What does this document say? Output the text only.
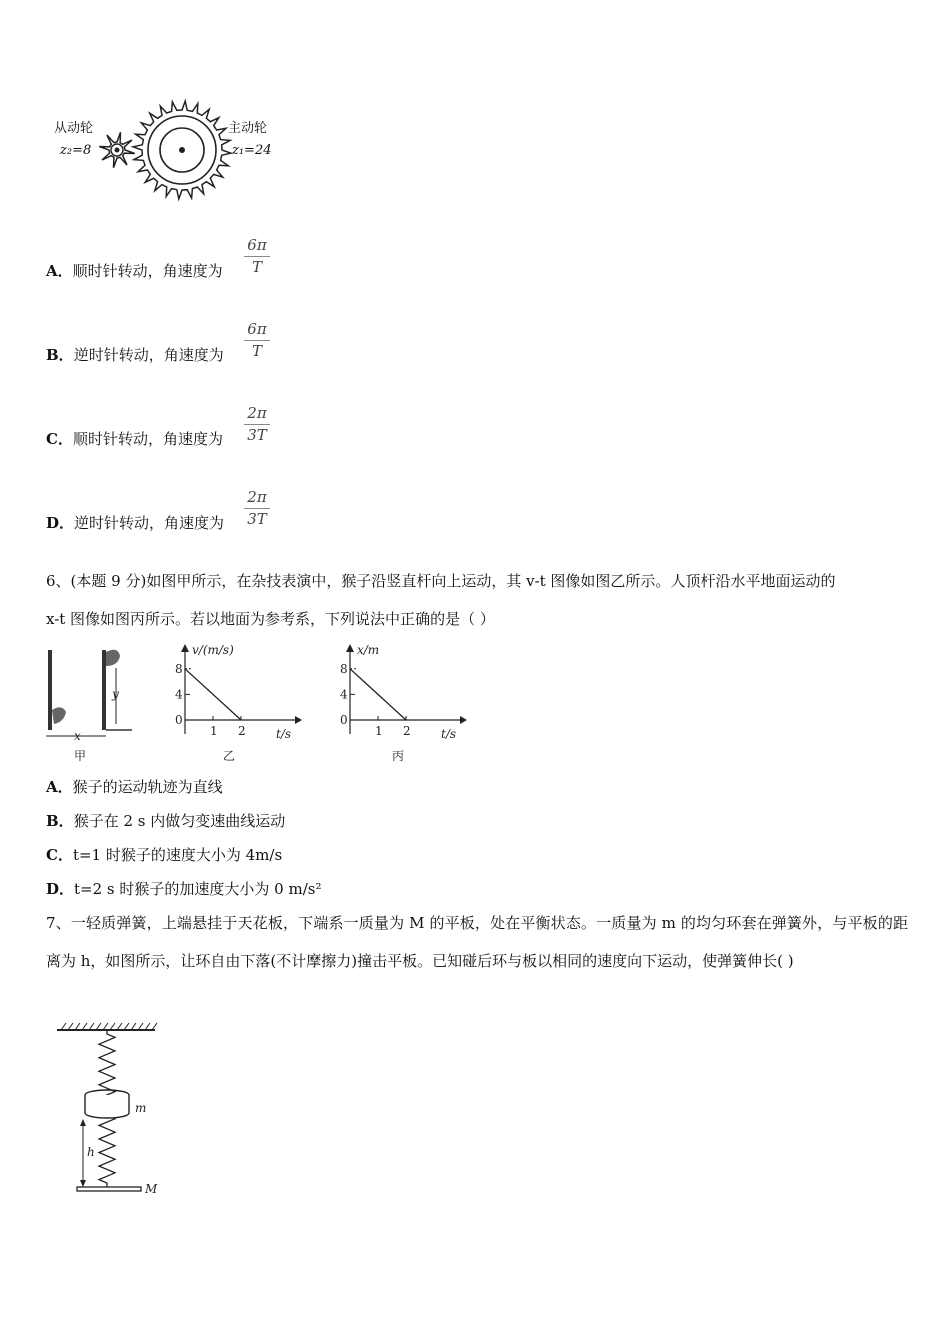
从动轮
z₂=8
主动轮
z₁=24
A．顺时针转动，角速度为
6π
T
B．逆时针转动，角速度为
6π
T
C．顺时针转动，角速度为
2π
3T
D．逆时针转动，角速度为
2π
3T
6、(本题 9 分)如图甲所示，在杂技表演中，猴子沿竖直杆向上运动，其 v-t 图像如图乙所示。人顶杆沿水平地面运动的
x-t 图像如图丙所示。若以地面为参考系，下列说法中正确的是（ ）
y
x
甲
v/(m/s)
t/s
乙
8
4
0
1 2
x/m
t/s
丙
8
4
0
1 2
A．猴子的运动轨迹为直线
B．猴子在 2 s 内做匀变速曲线运动
C．t=1 时猴子的速度大小为 4m/s
D．t=2 s 时猴子的加速度大小为 0 m/s²
7、一轻质弹簧，上端悬挂于天花板，下端系一质量为 M 的平板，处在平衡状态。一质量为 m 的均匀环套在弹簧外，与平板的距离为 h，如图所示，让环自由下落(不计摩擦力)撞击平板。已知碰后环与板以相同的速度向下运动，使弹簧伸长( )
m
h
M
